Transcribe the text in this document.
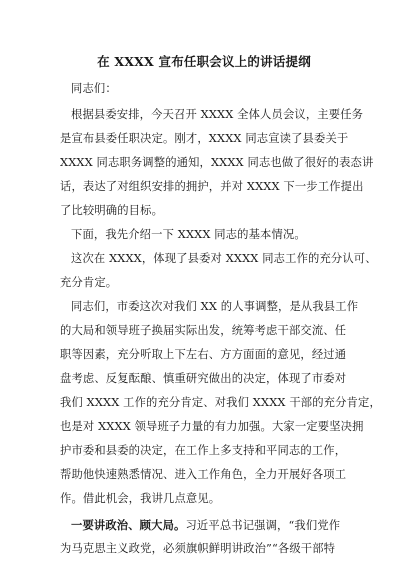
在 XXXX 宣布任职会议上的讲话提纲
同志们：
根据县委安排，今天召开 XXXX 全体人员会议，主要任务
是宣布县委任职决定。刚才，XXXX 同志宣读了县委关于
XXXX 同志职务调整的通知，XXXX 同志也做了很好的表态讲
话，表达了对组织安排的拥护，并对 XXXX 下一步工作提出
了比较明确的目标。
下面，我先介绍一下 XXXX 同志的基本情况。
这次在 XXXX，体现了县委对 XXXX 同志工作的充分认可、
充分肯定。
同志们，市委这次对我们 XX 的人事调整，是从我县工作
的大局和领导班子换届实际出发，统筹考虑干部交流、任
职等因素，充分听取上下左右、方方面面的意见，经过通
盘考虑、反复酝酿、慎重研究做出的决定，体现了市委对
我们 XXXX 工作的充分肯定、对我们 XXXX 干部的充分肯定，
也是对 XXXX 领导班子力量的有力加强。大家一定要坚决拥
护市委和县委的决定，在工作上多支持和平同志的工作，
帮助他快速熟悉情况、进入工作角色，全力开展好各项工
作。借此机会，我讲几点意见。
一要讲政治、顾大局。习近平总书记强调，“我们党作
为马克思主义政党，必须旗帜鲜明讲政治”“各级干部特
